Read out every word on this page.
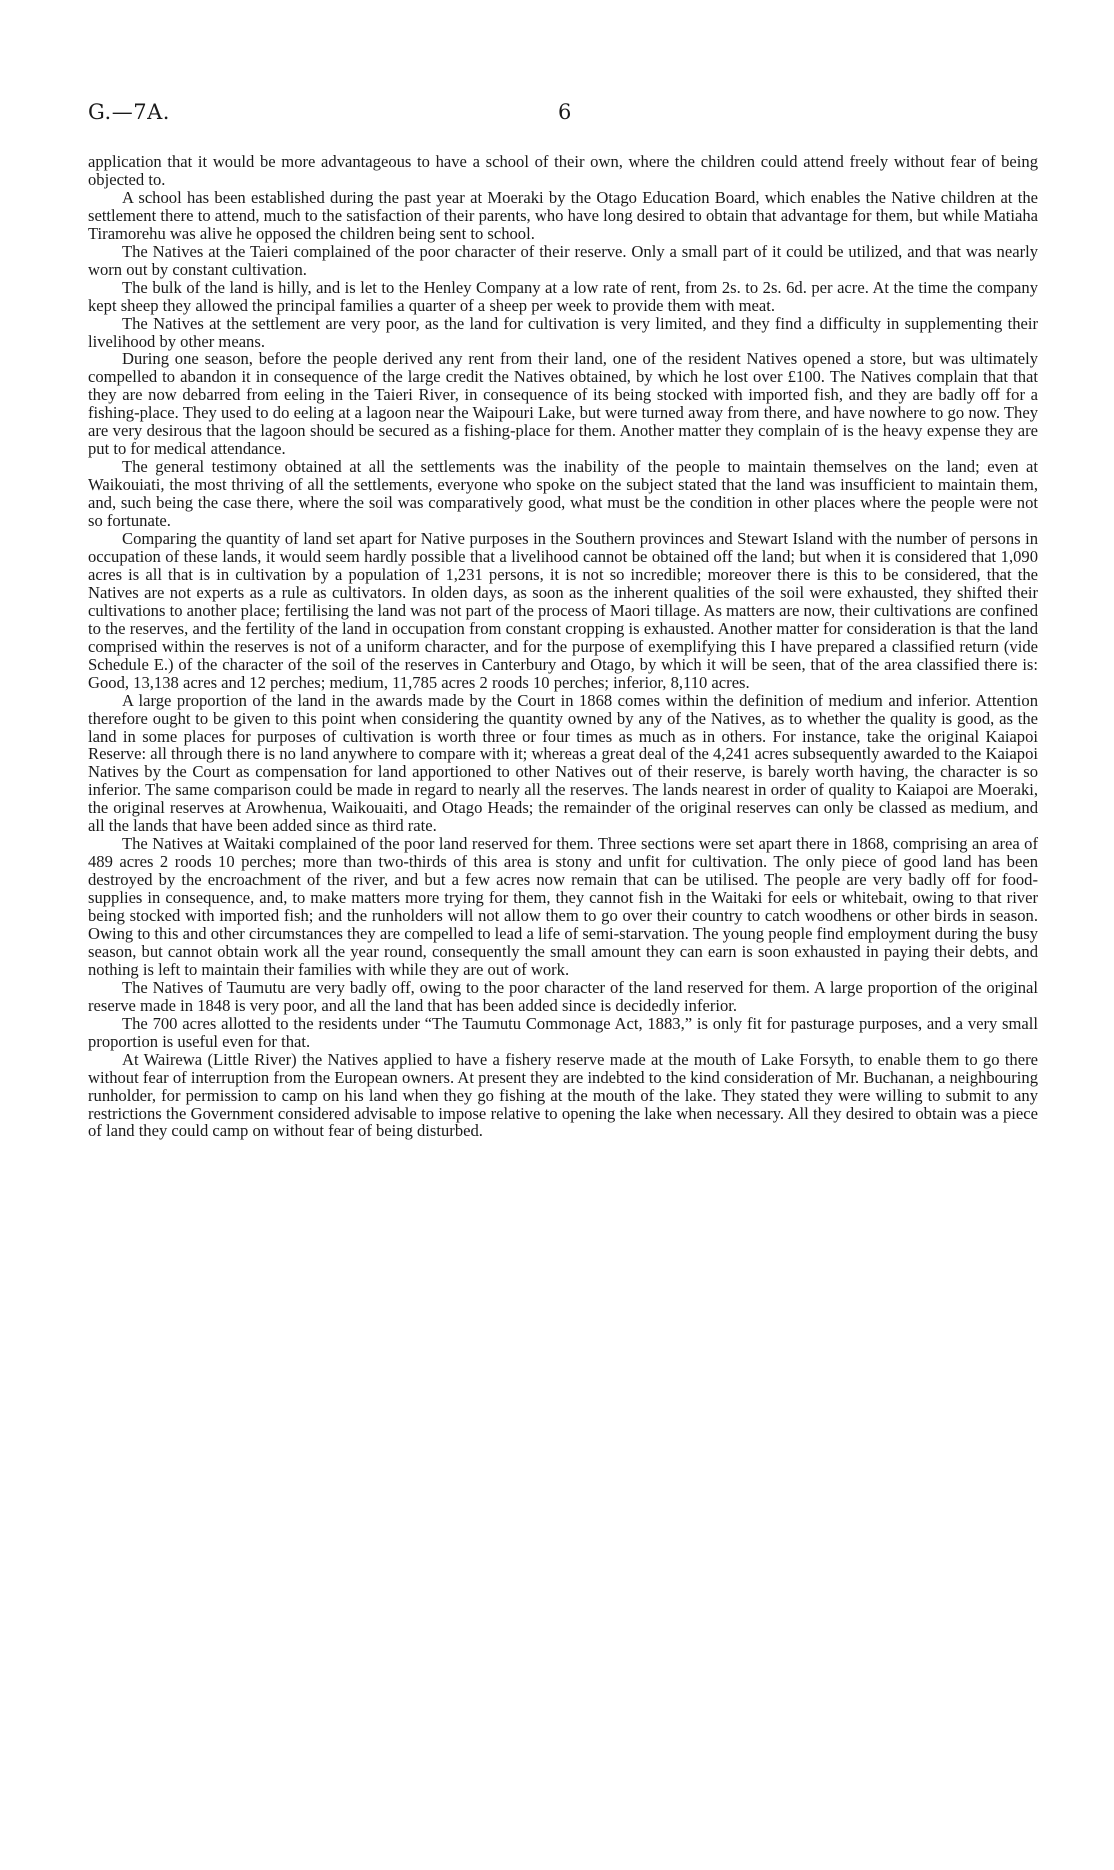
G.—7A.	6

application that it would be more advantageous to have a school of their own, where the children could attend freely without fear of being objected to.

A school has been established during the past year at Moeraki by the Otago Education Board, which enables the Native children at the settlement there to attend, much to the satisfaction of their parents, who have long desired to obtain that advantage for them, but while Matiaha Tiramorehu was alive he opposed the children being sent to school.

The Natives at the Taieri complained of the poor character of their reserve. Only a small part of it could be utilized, and that was nearly worn out by constant cultivation.

The bulk of the land is hilly, and is let to the Henley Company at a low rate of rent, from 2s. to 2s. 6d. per acre. At the time the company kept sheep they allowed the principal families a quarter of a sheep per week to provide them with meat.

The Natives at the settlement are very poor, as the land for cultivation is very limited, and they find a difficulty in supplementing their livelihood by other means.

During one season, before the people derived any rent from their land, one of the resident Natives opened a store, but was ultimately compelled to abandon it in consequence of the large credit the Natives obtained, by which he lost over £100. The Natives complain that that they are now debarred from eeling in the Taieri River, in consequence of its being stocked with imported fish, and they are badly off for a fishing-place. They used to do eeling at a lagoon near the Waipouri Lake, but were turned away from there, and have nowhere to go now. They are very desirous that the lagoon should be secured as a fishing-place for them. Another matter they complain of is the heavy expense they are put to for medical attendance.

The general testimony obtained at all the settlements was the inability of the people to maintain themselves on the land; even at Waikouiati, the most thriving of all the settlements, everyone who spoke on the subject stated that the land was insufficient to maintain them, and, such being the case there, where the soil was comparatively good, what must be the condition in other places where the people were not so fortunate.

Comparing the quantity of land set apart for Native purposes in the Southern provinces and Stewart Island with the number of persons in occupation of these lands, it would seem hardly possible that a livelihood cannot be obtained off the land; but when it is considered that 1,090 acres is all that is in cultivation by a population of 1,231 persons, it is not so incredible; moreover there is this to be considered, that the Natives are not experts as a rule as cultivators. In olden days, as soon as the inherent qualities of the soil were exhausted, they shifted their cultivations to another place; fertilising the land was not part of the process of Maori tillage. As matters are now, their cultivations are confined to the reserves, and the fertility of the land in occupation from constant cropping is exhausted. Another matter for consideration is that the land comprised within the reserves is not of a uniform character, and for the purpose of exemplifying this I have prepared a classified return (vide Schedule E.) of the character of the soil of the reserves in Canterbury and Otago, by which it will be seen, that of the area classified there is: Good, 13,138 acres and 12 perches; medium, 11,785 acres 2 roods 10 perches; inferior, 8,110 acres.

A large proportion of the land in the awards made by the Court in 1868 comes within the definition of medium and inferior. Attention therefore ought to be given to this point when considering the quantity owned by any of the Natives, as to whether the quality is good, as the land in some places for purposes of cultivation is worth three or four times as much as in others. For instance, take the original Kaiapoi Reserve: all through there is no land anywhere to compare with it; whereas a great deal of the 4,241 acres subsequently awarded to the Kaiapoi Natives by the Court as compensation for land apportioned to other Natives out of their reserve, is barely worth having, the character is so inferior. The same comparison could be made in regard to nearly all the reserves. The lands nearest in order of quality to Kaiapoi are Moeraki, the original reserves at Arowhenua, Waikouaiti, and Otago Heads; the remainder of the original reserves can only be classed as medium, and all the lands that have been added since as third rate.

The Natives at Waitaki complained of the poor land reserved for them. Three sections were set apart there in 1868, comprising an area of 489 acres 2 roods 10 perches; more than two-thirds of this area is stony and unfit for cultivation. The only piece of good land has been destroyed by the encroachment of the river, and but a few acres now remain that can be utilised. The people are very badly off for food-supplies in consequence, and, to make matters more trying for them, they cannot fish in the Waitaki for eels or whitebait, owing to that river being stocked with imported fish; and the runholders will not allow them to go over their country to catch woodhens or other birds in season. Owing to this and other circumstances they are compelled to lead a life of semi-starvation. The young people find employment during the busy season, but cannot obtain work all the year round, consequently the small amount they can earn is soon exhausted in paying their debts, and nothing is left to maintain their families with while they are out of work.

The Natives of Taumutu are very badly off, owing to the poor character of the land reserved for them. A large proportion of the original reserve made in 1848 is very poor, and all the land that has been added since is decidedly inferior.

The 700 acres allotted to the residents under “The Taumutu Commonage Act, 1883,” is only fit for pasturage purposes, and a very small proportion is useful even for that.

At Wairewa (Little River) the Natives applied to have a fishery reserve made at the mouth of Lake Forsyth, to enable them to go there without fear of interruption from the European owners. At present they are indebted to the kind consideration of Mr. Buchanan, a neighbouring runholder, for permission to camp on his land when they go fishing at the mouth of the lake. They stated they were willing to submit to any restrictions the Government considered advisable to impose relative to opening the lake when necessary. All they desired to obtain was a piece of land they could camp on without fear of being disturbed.
